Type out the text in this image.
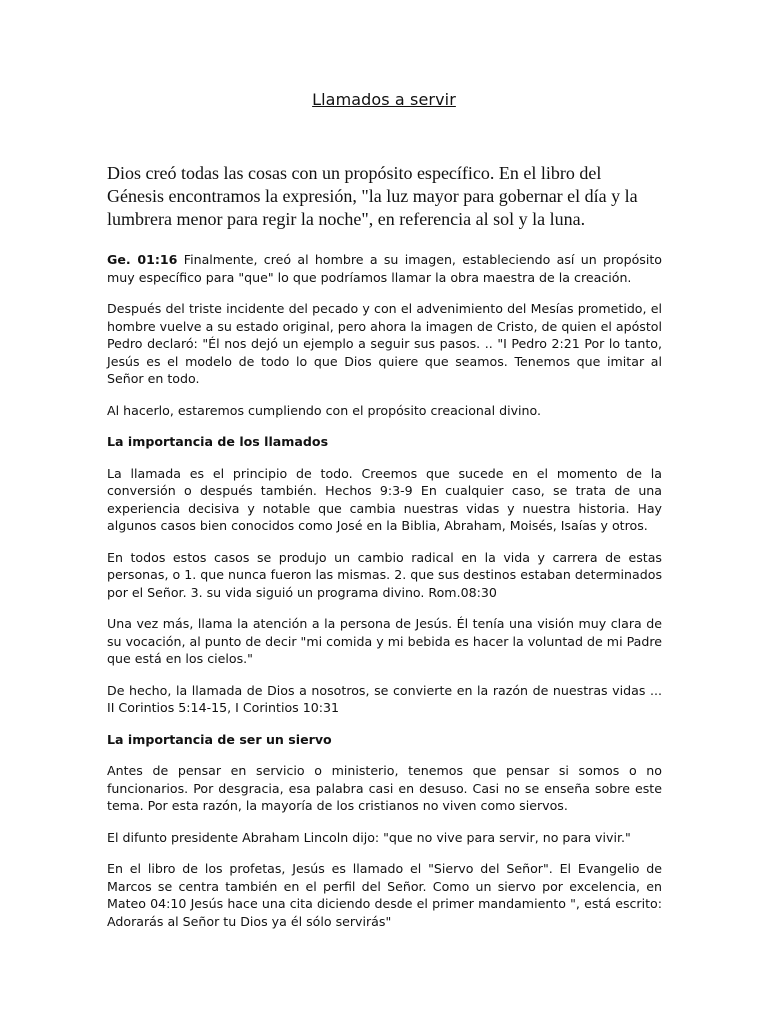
Llamados a servir

Dios creó todas las cosas con un propósito específico. En el libro del Génesis encontramos la expresión, "la luz mayor para gobernar el día y la lumbrera menor para regir la noche", en referencia al sol y la luna.

Ge. 01:16 Finalmente, creó al hombre a su imagen, estableciendo así un propósito muy específico para "que" lo que podríamos llamar la obra maestra de la creación.

Después del triste incidente del pecado y con el advenimiento del Mesías prometido, el hombre vuelve a su estado original, pero ahora la imagen de Cristo, de quien el apóstol Pedro declaró: "Él nos dejó un ejemplo a seguir sus pasos. .. "I Pedro 2:21 Por lo tanto, Jesús es el modelo de todo lo que Dios quiere que seamos. Tenemos que imitar al Señor en todo.

Al hacerlo, estaremos cumpliendo con el propósito creacional divino.

La importancia de los llamados

La llamada es el principio de todo. Creemos que sucede en el momento de la conversión o después también. Hechos 9:3-9 En cualquier caso, se trata de una experiencia decisiva y notable que cambia nuestras vidas y nuestra historia. Hay algunos casos bien conocidos como José en la Biblia, Abraham, Moisés, Isaías y otros.

En todos estos casos se produjo un cambio radical en la vida y carrera de estas personas, o 1. que nunca fueron las mismas. 2. que sus destinos estaban determinados por el Señor. 3. su vida siguió un programa divino. Rom.08:30

Una vez más, llama la atención a la persona de Jesús. Él tenía una visión muy clara de su vocación, al punto de decir "mi comida y mi bebida es hacer la voluntad de mi Padre que está en los cielos."

De hecho, la llamada de Dios a nosotros, se convierte en la razón de nuestras vidas ... II Corintios 5:14-15, I Corintios 10:31

La importancia de ser un siervo

Antes de pensar en servicio o ministerio, tenemos que pensar si somos o no funcionarios. Por desgracia, esa palabra casi en desuso. Casi no se enseña sobre este tema. Por esta razón, la mayoría de los cristianos no viven como siervos.

El difunto presidente Abraham Lincoln dijo: "que no vive para servir, no para vivir."

En el libro de los profetas, Jesús es llamado el "Siervo del Señor". El Evangelio de Marcos se centra también en el perfil del Señor. Como un siervo por excelencia, en Mateo 04:10 Jesús hace una cita diciendo desde el primer mandamiento ", está escrito: Adorarás al Señor tu Dios ya él sólo servirás"
